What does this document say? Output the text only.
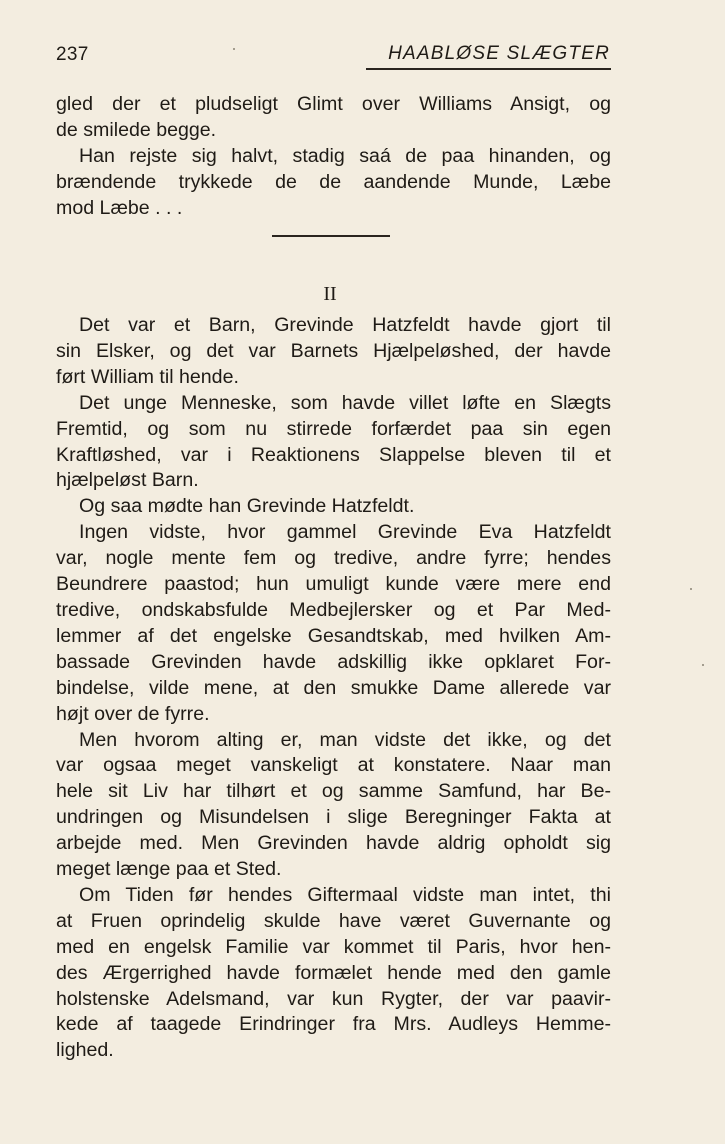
237	HAABLØSE SLÆGTER
gled der et pludseligt Glimt over Williams Ansigt, og
de smilede begge.
Han rejste sig halvt, stadig saá de paa hinanden, og
brændende trykkede de de aandende Munde, Læbe
mod Læbe . . .
II
Det var et Barn, Grevinde Hatzfeldt havde gjort til
sin Elsker, og det var Barnets Hjælpeløshed, der havde
ført William til hende.
Det unge Menneske, som havde villet løfte en Slægts
Fremtid, og som nu stirrede forfærdet paa sin egen
Kraftløshed, var i Reaktionens Slappelse bleven til et
hjælpeløst Barn.
Og saa mødte han Grevinde Hatzfeldt.
Ingen vidste, hvor gammel Grevinde Eva Hatzfeldt
var, nogle mente fem og tredive, andre fyrre; hendes
Beundrere paastod; hun umuligt kunde være mere end
tredive, ondskabsfulde Medbejlersker og et Par Med-
lemmer af det engelske Gesandtskab, med hvilken Am-
bassade Grevinden havde adskillig ikke opklaret For-
bindelse, vilde mene, at den smukke Dame allerede var
højt over de fyrre.
Men hvorom alting er, man vidste det ikke, og det
var ogsaa meget vanskeligt at konstatere. Naar man
hele sit Liv har tilhørt et og samme Samfund, har Be-
undringen og Misundelsen i slige Beregninger Fakta at
arbejde med. Men Grevinden havde aldrig opholdt sig
meget længe paa et Sted.
Om Tiden før hendes Giftermaal vidste man intet, thi
at Fruen oprindelig skulde have været Guvernante og
med en engelsk Familie var kommet til Paris, hvor hen-
des Ærgerrighed havde formælet hende med den gamle
holstenske Adelsmand, var kun Rygter, der var paavir-
kede af taagede Erindringer fra Mrs. Audleys Hemme-
lighed.
